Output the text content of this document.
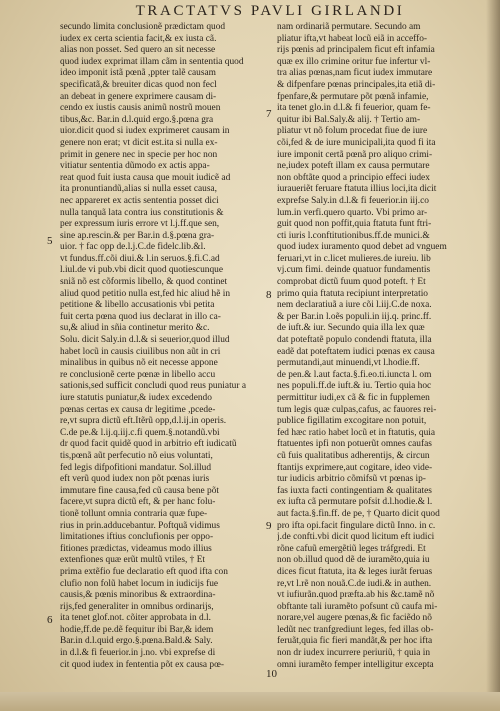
TRACTATVS PAVLI GIRLANDI
secundo limita conclusionẽ prædictam quod
iudex ex certa scientia facit,& ex iusta cã.
alias non posset. Sed quero an sit necesse
quod iudex exprimat illam cãm in sententia quod
ideo imponit istã pœnã ,ppter talẽ causam
specificatã,& breuiter dicas quod non fecl
an debeat in genere exprimere causam di-
cendo ex iustis causis animũ nostrũ mouen
tibus,&c. Bar.in d.l.quid ergo.§.pœna gra
uior.dicit quod si iudex exprimeret causam in
genere non erat; vt dicit est.ita si nulla ex-
primit in genere nec in specie per hoc non
vitiatur sententia dũmodo ex actis appa-
reat quod fuit iusta causa que mouit iudicẽ ad
ita pronuntiandũ,alias si nulla esset causa,
nec appareret ex actis sententia posset dici
nulla tanquã lata contra ius constitutionis &
per expressum iuris errore vt l.j.ff.que sen,
sine ap.rescin.& per Bar.in d.§.pœna gra-
uior. † fac opp de.l.j.C.de fidelc.lib.&l.
vt fundus.ff.cõi diui.& l.in seruos.§.fi.C.ad
l.iul.de vi pub.vbi dicit quod quotiescunque
sniã nõ est cõformis libello, & quod continet
aliud quod petitio nulla est,fed hic aliud hẽ in
petitione & libello accusationis vbi petita
fuit certa pœna quod ius declarat in illo ca-
su,& aliud in sñia continetur merito &c.
Solu. dicit Saly.in d.l.& si seuerior,quod illud
habet locũ in causis ciuilibus non aũt in cri
minalibus in quibus nõ eit necesse appone
re conclusionẽ certe pœnæ in libello accu
sationis,sed sufficit concludi quod reus puniatur a
iure statutis puniatur,& iudex excedendo
pœnas certas ex causa dr legitime ,pcede-
re,vt supra dictũ eft.Itẽrũ opp,d.l.ij.in operis.
C.de pe.& l.ij.q.iij.c.fi quem.§.notandũ.vbi
dr quod facit quidẽ quod in arbitrio eft iudicatũ
tis,pœnã aũt perfecutio nõ eius voluntati,
fed legis difpofitioni mandatur. Sol.illud
eft verũ quod iudex non põt pœnas iuris
immutare fine causa,fed cũ causa bene põt
facere,vt supra dictũ eft, & per hanc folu-
tionẽ tollunt omnia contraria quæ fupe-
rius in prin.adducebantur. Poftquã vidimus
limitationes iftius conclufionis per oppo-
fitiones prædictas, videamus modo illius
extenfiones quæ erũt multũ vtiles, † Et
prima extẽfio fue declaratio eft quod ifta con
clufio non folũ habet locum in iudicijs fue
causis,& pœnis minoribus & extraordina-
rijs,fed generaliter in omnibus ordinarijs,
ita tenet glof.not. cõiter approbata in d.l.
hodie,ff.de pe.dẽ fequitur ibi Bar,& idem
Bar.in d.l.quid ergo.§.pœna.Bald.& Saly.
in d.l.& fi feuerior.in j.no. vbi exprefse di
cit quod iudex in fententia põt ex causa pœ-
nam ordinariã permutare. Secundo am
pliatur ifta,vt habeat locũ eiã in acceffo-
rijs pœnis ad principalem ficut eft infamia
quæ ex illo crimine oritur fue infertur vl-
tra alias pœnas,nam ficut iudex immutare
& difpenfare pœnas principales,ita etiã di-
fpenfare,& permutare põt pœnã infamie,
ita tenet glo.in d.l.& fi feuerior, quam fe-
quitur ibi Bal.Saly.& alij. † Tertio am-
pliatur vt nõ folum procedat fiue de iure
cõi,fed & de iure municipali,ita quod fi ita
iure imponit certã pœnã pro aliquo crimi-
ne,iudex poteft illam ex causa permutare
non obftãte quod a principio effeci iudex
iuraueriẽt feruare ftatuta illius loci,ita dicit
exprefse Saly.in d.l.& fi feuerior.in iij.co
lum.in verfi.quero quarto. Vbi primo ar-
guit quod non poffit,quia ftatuta funt ftri-
cti iuris l.conftitutionibus.ff.de munici.&
quod iudex iuramento quod debet ad vnguem
feruari,vt in c.licet mulieres.de iureiu. lib
vj.cum fimi. deinde quatuor fundamentis
comprobat dictũ fuum quod poteft. † Et
primo quia ftatuta recipiunt interpretatio
nem declaratiuã a iure cõi l.iij.C.de noxa.
& per Bar.in l.oẽs populi.in iij.q. princ.ff.
de iuft.& iur. Secundo quia illa lex quæ
dat poteftatẽ populo condendi ftatuta, illa
eadẽ dat poteftatem iudici pœnas ex causa
permutandi,aut minuendi,vt l.hodie.ff.
de pen.& l.aut facta.§.fi.eo.ti.iuncta l. om
nes populi.ff.de iuft.& iu. Tertio quia hoc
permittitur iudi,ex cã & fic in fupplemen
tum legis quæ culpas,cafus, ac fauores rei-
publice figillatim excogitare non potuit,
fed hæc ratio habet locũ et in ftatutis, quia
ftatuentes ipfi non potuerũt omnes caufas
cũ fuis qualitatibus adherentijs, & circun
ftantijs exprimere,aut cogitare, ideo vide-
tur iudicis arbitrio cõmifsũ vt pœnas ip-
fas iuxta facti contingentiam & qualitates
ex iufta cã permutare pofsit d.l.hodie.& l.
aut facta.§.fin.ff. de pe, † Quarto dicit quod
pro ifta opi.facit fingulare dictũ Inno. in c.
j.de confti.vbi dicit quod licitum eft iudici
rõne cafuũ emergẽtiũ leges tráfgredi. Et
non ob.illud quod dẽ de iuramẽto,quia iu
dices ficut ftatuta, ita & leges iurãt feruas
re,vt l.rẽ non nouã.C.de iudi.& in authen.
vt iufiurãn.quod præfta.ab his &c.tamẽ nõ
obftante tali iuramẽto pofsunt cũ caufa mi-
norare,vel augere pœnas,& fic faciẽdo nõ
ledũt nec tranfgrediunt leges, fed illas ob-
feruãt,quia fic fieri mandãt,& per hoc ifta
non dr iudex incurrere periuriũ, † quia in
omni iuramẽto femper intelligitur excepta
5
6
7
8
9
10
